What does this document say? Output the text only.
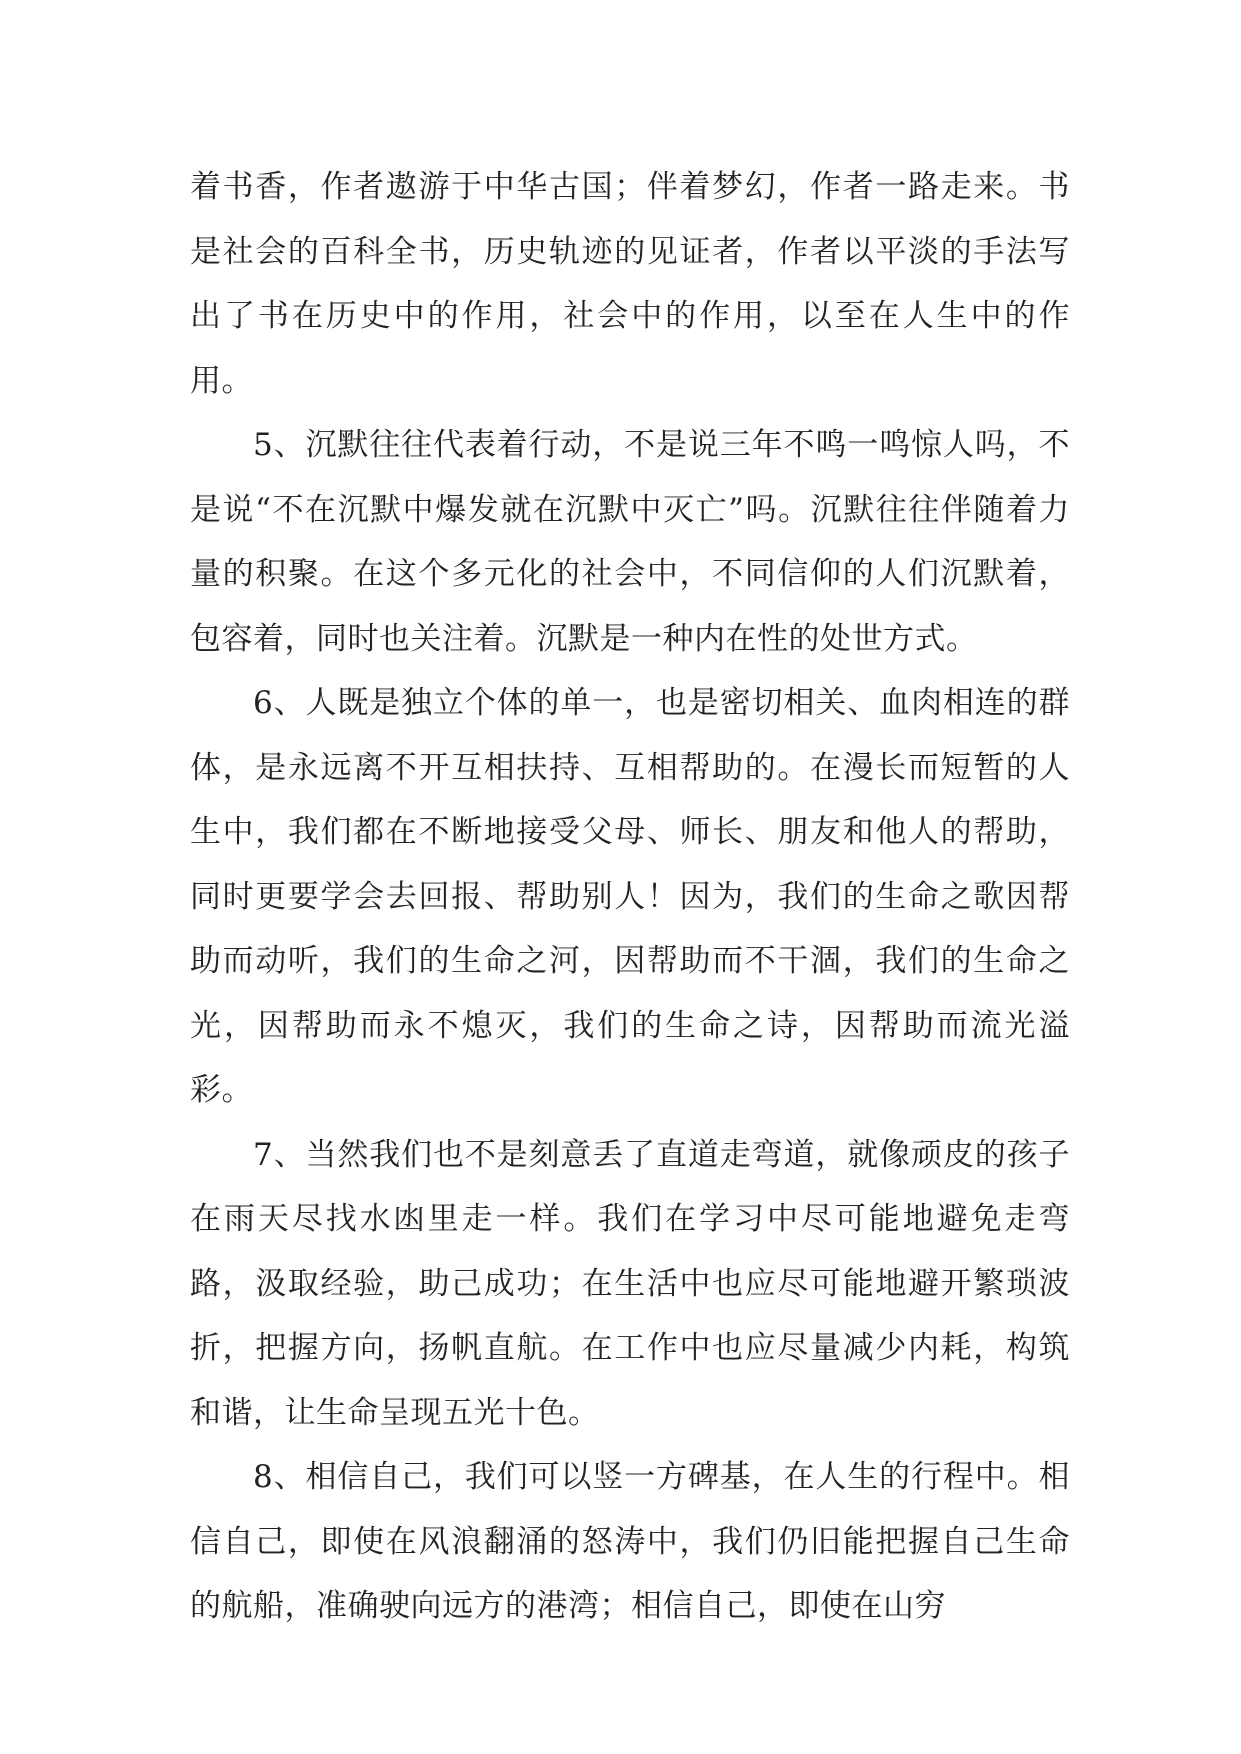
着书香，作者遨游于中华古国；伴着梦幻，作者一路走来。书是社会的百科全书，历史轨迹的见证者，作者以平淡的手法写出了书在历史中的作用，社会中的作用，以至在人生中的作用。

5、沉默往往代表着行动，不是说三年不鸣一鸣惊人吗，不是说“不在沉默中爆发就在沉默中灭亡”吗。沉默往往伴随着力量的积聚。在这个多元化的社会中，不同信仰的人们沉默着，包容着，同时也关注着。沉默是一种内在性的处世方式。

6、人既是独立个体的单一，也是密切相关、血肉相连的群体，是永远离不开互相扶持、互相帮助的。在漫长而短暂的人生中，我们都在不断地接受父母、师长、朋友和他人的帮助，同时更要学会去回报、帮助别人！因为，我们的生命之歌因帮助而动听，我们的生命之河，因帮助而不干涸，我们的生命之光，因帮助而永不熄灭，我们的生命之诗，因帮助而流光溢彩。

7、当然我们也不是刻意丢了直道走弯道，就像顽皮的孩子在雨天尽找水凼里走一样。我们在学习中尽可能地避免走弯路，汲取经验，助己成功；在生活中也应尽可能地避开繁琐波折，把握方向，扬帆直航。在工作中也应尽量减少内耗，构筑和谐，让生命呈现五光十色。

8、相信自己，我们可以竖一方碑基，在人生的行程中。相信自己，即使在风浪翻涌的怒涛中，我们仍旧能把握自己生命的航船，准确驶向远方的港湾；相信自己，即使在山穷
